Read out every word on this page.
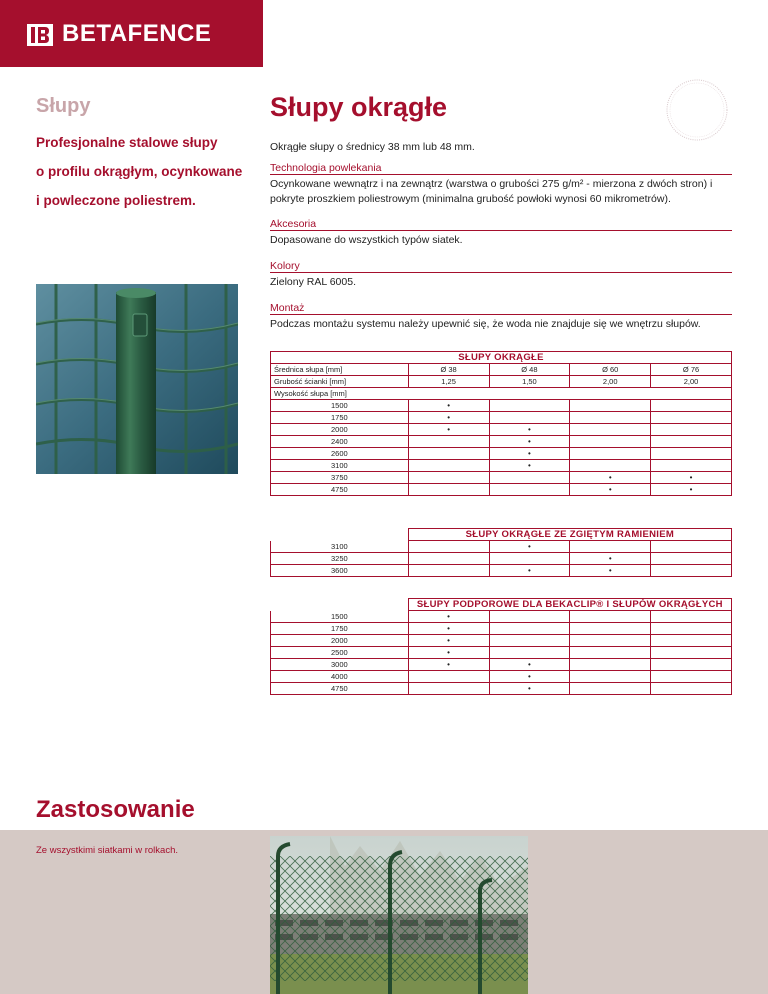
BETAFENCE
Słupy
Profesjonalne stalowe słupy
o profilu okrągłym, ocynkowane
i powleczone poliestrem.
Słupy okrągłe
Okrągłe słupy o średnicy 38 mm lub 48 mm.
Technologia powlekania
Ocynkowane wewnątrz i na zewnątrz (warstwa o grubości 275 g/m² - mierzona z dwóch stron) i pokryte proszkiem poliestrowym (minimalna grubość powłoki wynosi 60 mikrometrów).
Akcesoria
Dopasowane do wszystkich typów siatek.
Kolory
Zielony RAL 6005.
Montaż
Podczas montażu systemu należy upewnić się, że woda nie znajduje się we wnętrzu słupów.
SŁUPY OKRĄGŁE				
Średnica słupa [mm]	Ø 38	Ø 48	Ø 60	Ø 76
Grubość ścianki [mm]	1,25	1,50	2,00	2,00
Wysokość słupa [mm]				
1500	•			
1750	•			
2000	•	•		
2400		•		
2600		•		
3100		•		
3750			•	•
4750			•	•
	SŁUPY OKRĄGŁE ZE ZGIĘTYM RAMIENIEM			
3100		•		
3250			•	
3600		•	•	
	SŁUPY PODPOROWE DLA BEKACLIP® I SŁUPÓW OKRĄGŁYCH			
1500	•			
1750	•			
2000	•			
2500	•			
3000	•	•		
4000		•		
4750		•		
Zastosowanie
Ze wszystkimi siatkami w rolkach.
